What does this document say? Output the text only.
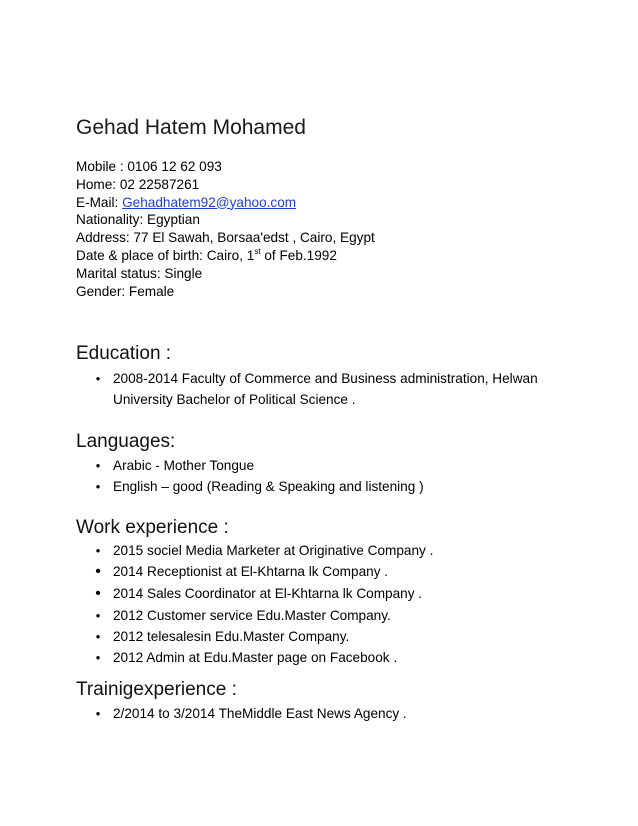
Gehad Hatem Mohamed
Mobile : 0106 12 62 093
Home: 02 22587261
E-Mail: Gehadhatem92@yahoo.com
Nationality: Egyptian
Address: 77 El Sawah, Borsaa'edst , Cairo, Egypt
Date & place of birth: Cairo, 1st of Feb.1992
Marital status: Single
Gender: Female
Education :
• 2008-2014 Faculty of Commerce and Business administration, Helwan University Bachelor of Political Science .
Languages:
• Arabic - Mother Tongue
• English – good (Reading & Speaking and listening )
Work experience :
• 2015 sociel Media Marketer at Originative Company .
• 2014 Receptionist at El-Khtarna lk Company .
• 2014 Sales Coordinator at El-Khtarna lk Company .
• 2012 Customer service Edu.Master Company.
• 2012 telesalesin Edu.Master Company.
• 2012 Admin at Edu.Master page on Facebook .
Trainigexperience :
• 2/2014 to 3/2014 TheMiddle East News Agency .
